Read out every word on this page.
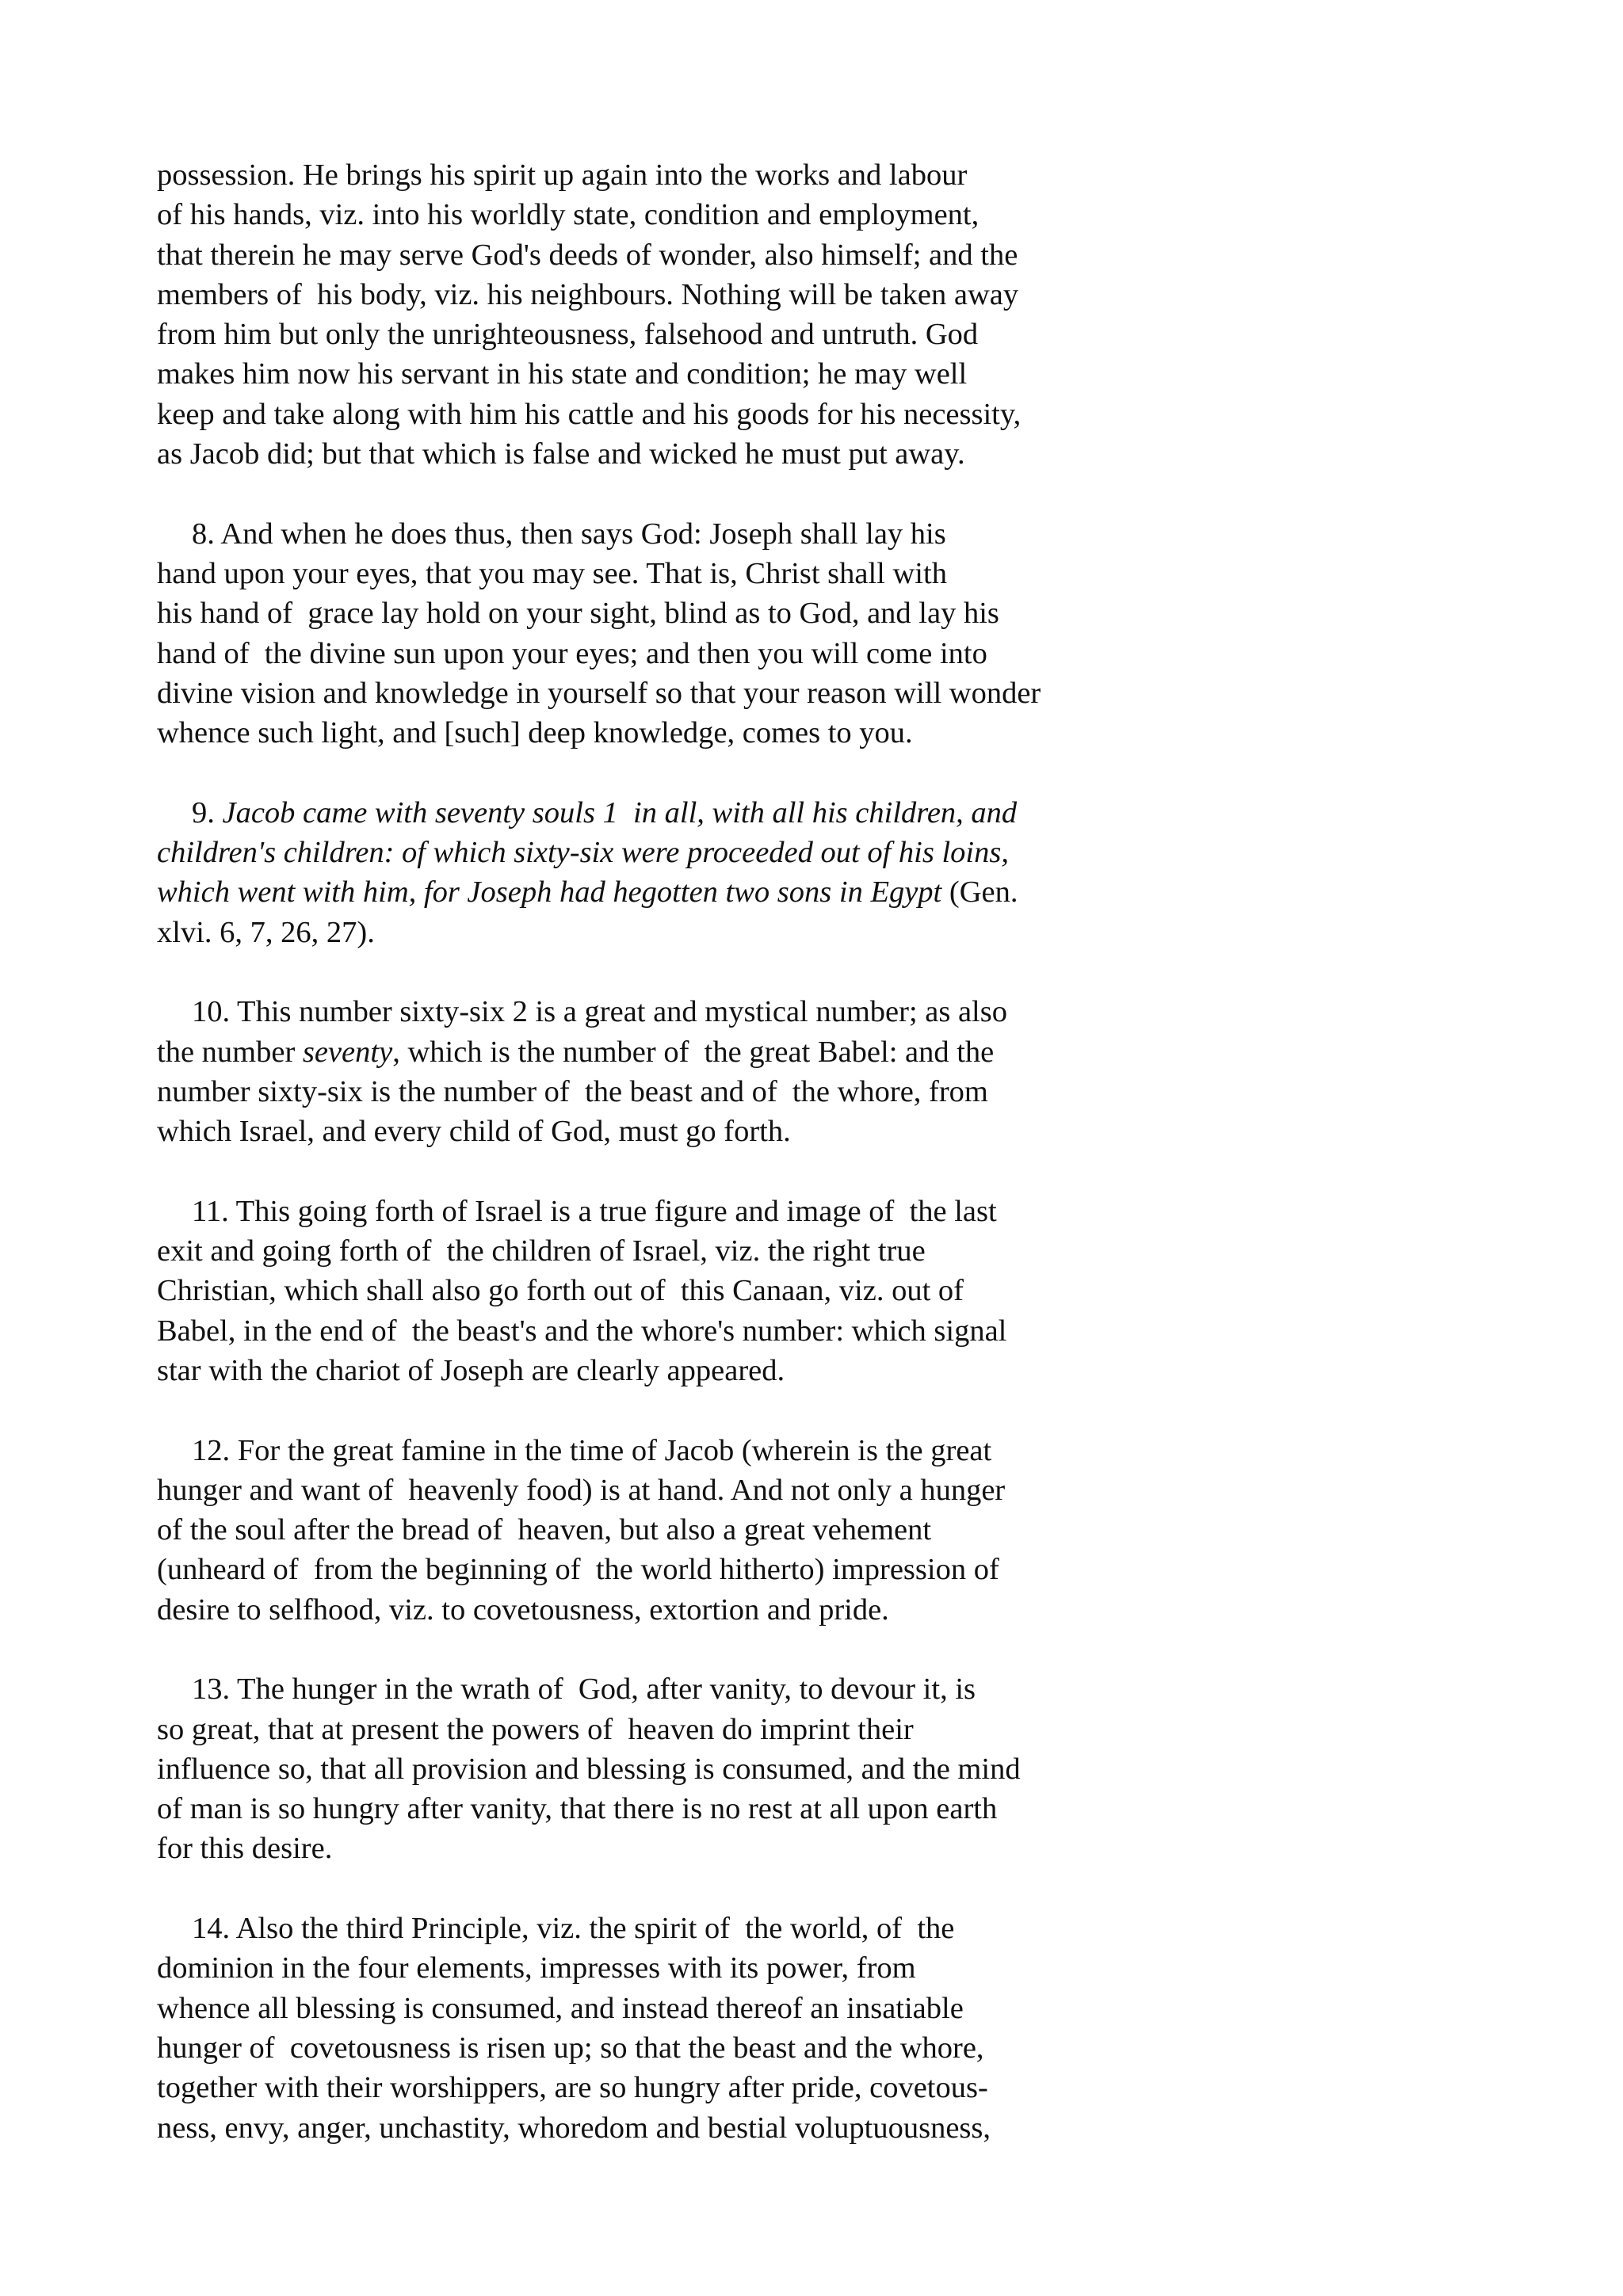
possession. He brings his spirit up again into the works and labour
of his hands, viz. into his worldly state, condition and employment,
that therein he may serve God's deeds of wonder, also himself; and the
members of  his body, viz. his neighbours. Nothing will be taken away
from him but only the unrighteousness, falsehood and untruth. God
makes him now his servant in his state and condition; he may well
keep and take along with him his cattle and his goods for his necessity,
as Jacob did; but that which is false and wicked he must put away.
8. And when he does thus, then says God: Joseph shall lay his
hand upon your eyes, that you may see. That is, Christ shall with
his hand of  grace lay hold on your sight, blind as to God, and lay his
hand of  the divine sun upon your eyes; and then you will come into
divine vision and knowledge in yourself so that your reason will wonder
whence such light, and [such] deep knowledge, comes to you.
9. Jacob came with seventy souls 1  in all, with all his children, and
children's children: of which sixty-six were proceeded out of his loins,
which went with him, for Joseph had hegotten two sons in Egypt (Gen.
xlvi. 6, 7, 26, 27).
10. This number sixty-six 2 is a great and mystical number; as also
the number seventy, which is the number of  the great Babel: and the
number sixty-six is the number of  the beast and of  the whore, from
which Israel, and every child of God, must go forth.
11. This going forth of Israel is a true figure and image of  the last
exit and going forth of  the children of Israel, viz. the right true
Christian, which shall also go forth out of  this Canaan, viz. out of
Babel, in the end of  the beast's and the whore's number: which signal
star with the chariot of Joseph are clearly appeared.
12. For the great famine in the time of Jacob (wherein is the great
hunger and want of  heavenly food) is at hand. And not only a hunger
of the soul after the bread of  heaven, but also a great vehement
(unheard of  from the beginning of  the world hitherto) impression of
desire to selfhood, viz. to covetousness, extortion and pride.
13. The hunger in the wrath of  God, after vanity, to devour it, is
so great, that at present the powers of  heaven do imprint their
influence so, that all provision and blessing is consumed, and the mind
of man is so hungry after vanity, that there is no rest at all upon earth
for this desire.
14. Also the third Principle, viz. the spirit of  the world, of  the
dominion in the four elements, impresses with its power, from
whence all blessing is consumed, and instead thereof an insatiable
hunger of  covetousness is risen up; so that the beast and the whore,
together with their worshippers, are so hungry after pride, covetous-
ness, envy, anger, unchastity, whoredom and bestial voluptuousness,
